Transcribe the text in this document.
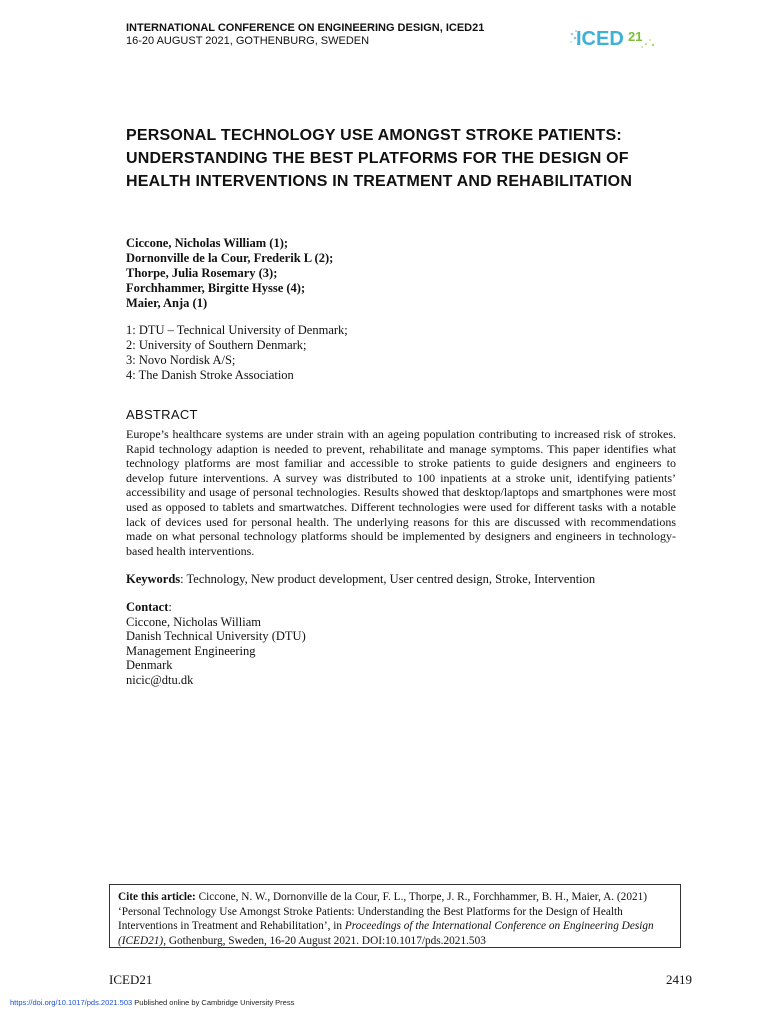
INTERNATIONAL CONFERENCE ON ENGINEERING DESIGN, ICED21
16-20 AUGUST 2021, GOTHENBURG, SWEDEN	ICED 21
PERSONAL TECHNOLOGY USE AMONGST STROKE PATIENTS: UNDERSTANDING THE BEST PLATFORMS FOR THE DESIGN OF HEALTH INTERVENTIONS IN TREATMENT AND REHABILITATION
Ciccone, Nicholas William (1);
Dornonville de la Cour, Frederik L (2);
Thorpe, Julia Rosemary (3);
Forchhammer, Birgitte Hysse (4);
Maier, Anja (1)
1: DTU – Technical University of Denmark;
2: University of Southern Denmark;
3: Novo Nordisk A/S;
4: The Danish Stroke Association
ABSTRACT

Europe’s healthcare systems are under strain with an ageing population contributing to increased risk of strokes. Rapid technology adaption is needed to prevent, rehabilitate and manage symptoms. This paper identifies what technology platforms are most familiar and accessible to stroke patients to guide designers and engineers to develop future interventions. A survey was distributed to 100 inpatients at a stroke unit, identifying patients’ accessibility and usage of personal technologies. Results showed that desktop/laptops and smartphones were most used as opposed to tablets and smartwatches. Different technologies were used for different tasks with a notable lack of devices used for personal health. The underlying reasons for this are discussed with recommendations made on what personal technology platforms should be implemented by designers and engineers in technology-based health interventions.

Keywords: Technology, New product development, User centred design, Stroke, Intervention
Contact:
Ciccone, Nicholas William
Danish Technical University (DTU)
Management Engineering
Denmark
nicic@dtu.dk
Cite this article: Ciccone, N. W., Dornonville de la Cour, F. L., Thorpe, J. R., Forchhammer, B. H., Maier, A. (2021) ‘Personal Technology Use Amongst Stroke Patients: Understanding the Best Platforms for the Design of Health Interventions in Treatment and Rehabilitation’, in Proceedings of the International Conference on Engineering Design (ICED21), Gothenburg, Sweden, 16-20 August 2021. DOI:10.1017/pds.2021.503
ICED21	2419
https://doi.org/10.1017/pds.2021.503 Published online by Cambridge University Press
